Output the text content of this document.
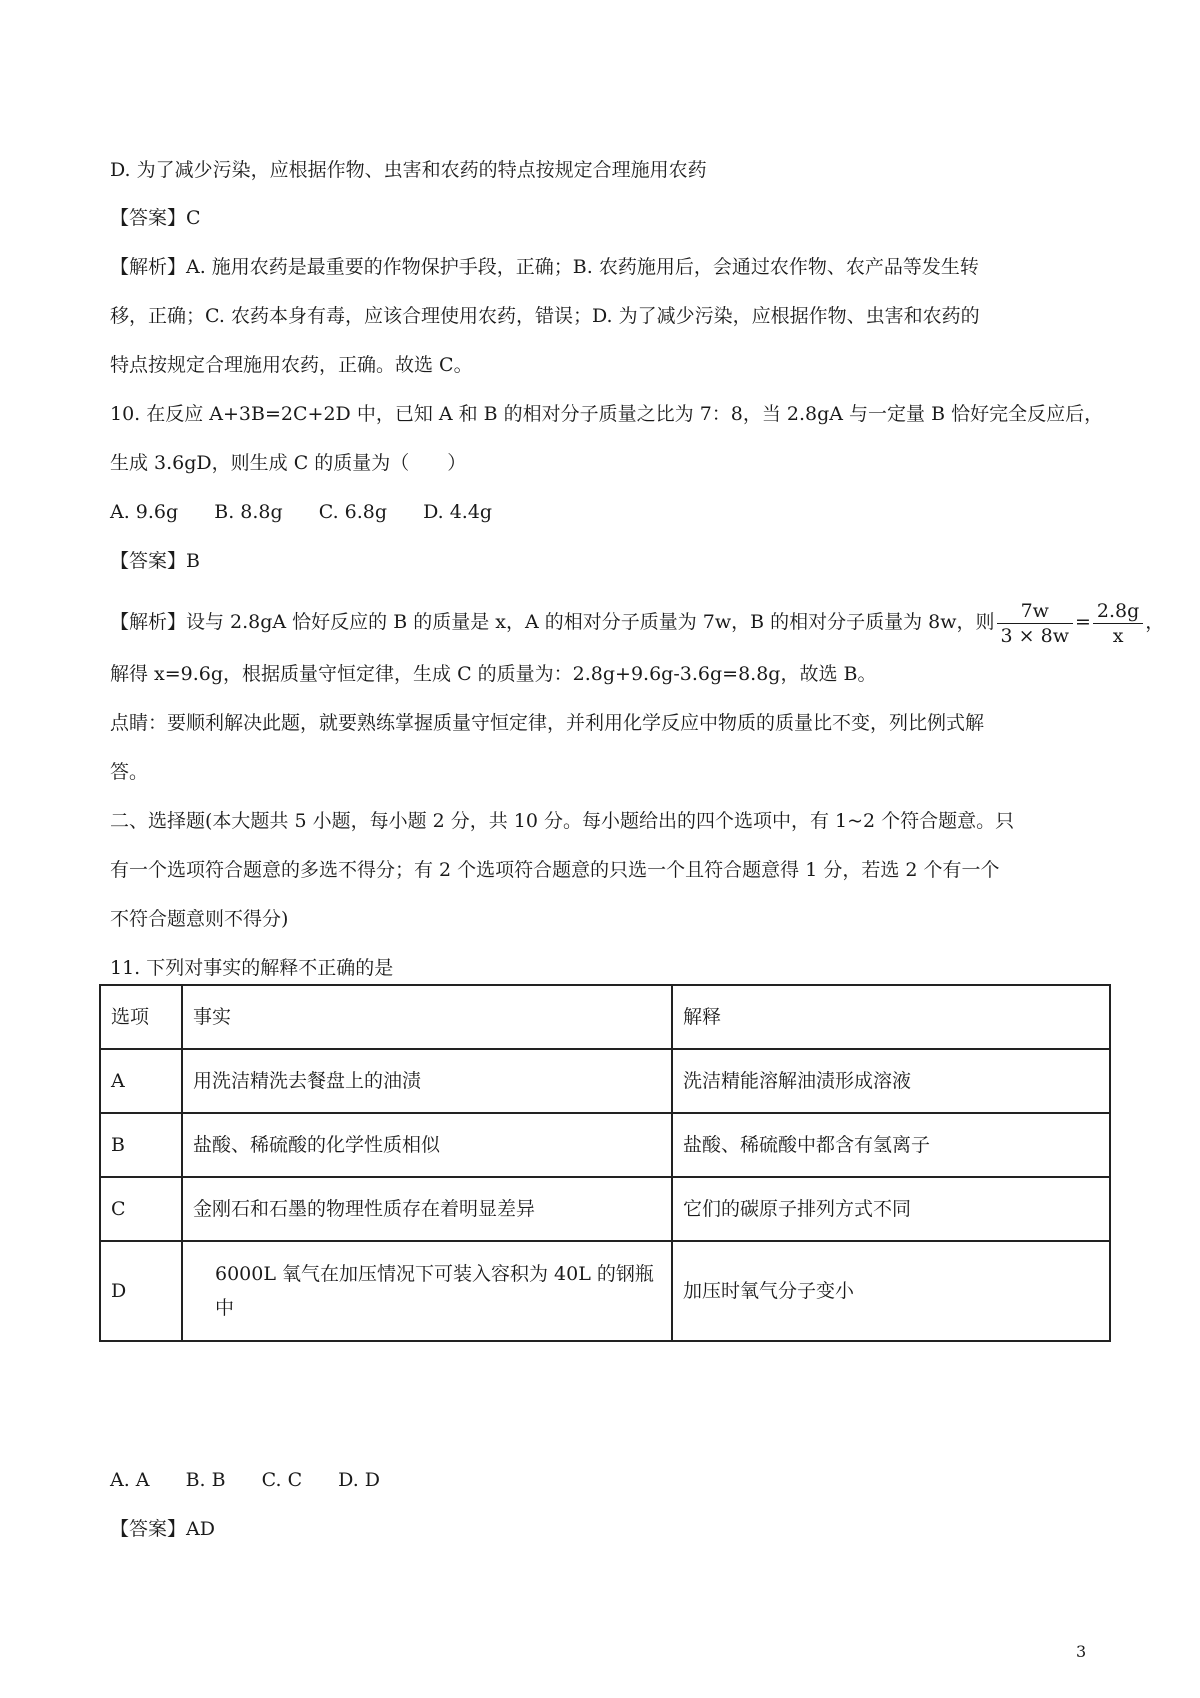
D. 为了减少污染，应根据作物、虫害和农药的特点按规定合理施用农药
【答案】C
【解析】A. 施用农药是最重要的作物保护手段，正确；B. 农药施用后，会通过农作物、农产品等发生转
移，正确；C. 农药本身有毒，应该合理使用农药，错误；D. 为了减少污染，应根据作物、虫害和农药的
特点按规定合理施用农药，正确。故选 C。
10. 在反应 A+3B=2C+2D 中，已知 A 和 B 的相对分子质量之比为 7：8，当 2.8gA 与一定量 B 恰好完全反应后，
生成 3.6gD，则生成 C 的质量为（　　）
A. 9.6g B. 8.8g C. 6.8g D. 4.4g
【答案】B
【解析】设与 2.8gA 恰好反应的 B 的质量是 x，A 的相对分子质量为 7w，B 的相对分子质量为 8w，则 $\frac{7w}{3 \times 8w} = \frac{2.8g}{x}$ ，
解得 x=9.6g，根据质量守恒定律，生成 C 的质量为：2.8g+9.6g-3.6g=8.8g，故选 B。
点睛：要顺利解决此题，就要熟练掌握质量守恒定律，并利用化学反应中物质的质量比不变，列比例式解
答。
二、选择题(本大题共 5 小题，每小题 2 分，共 10 分。每小题给出的四个选项中，有 1~2 个符合题意。只
有一个选项符合题意的多选不得分；有 2 个选项符合题意的只选一个且符合题意得 1 分，若选 2 个有一个
不符合题意则不得分)
11. 下列对事实的解释不正确的是
选项	事实	解释
A	用洗洁精洗去餐盘上的油渍	洗洁精能溶解油渍形成溶液
B	盐酸、稀硫酸的化学性质相似	盐酸、稀硫酸中都含有氢离子
C	金刚石和石墨的物理性质存在着明显差异	它们的碳原子排列方式不同
D	6000L 氧气在加压情况下可装入容积为 40L 的钢瓶中	加压时氧气分子变小
A. A B. B C. C D. D
【答案】AD
3
